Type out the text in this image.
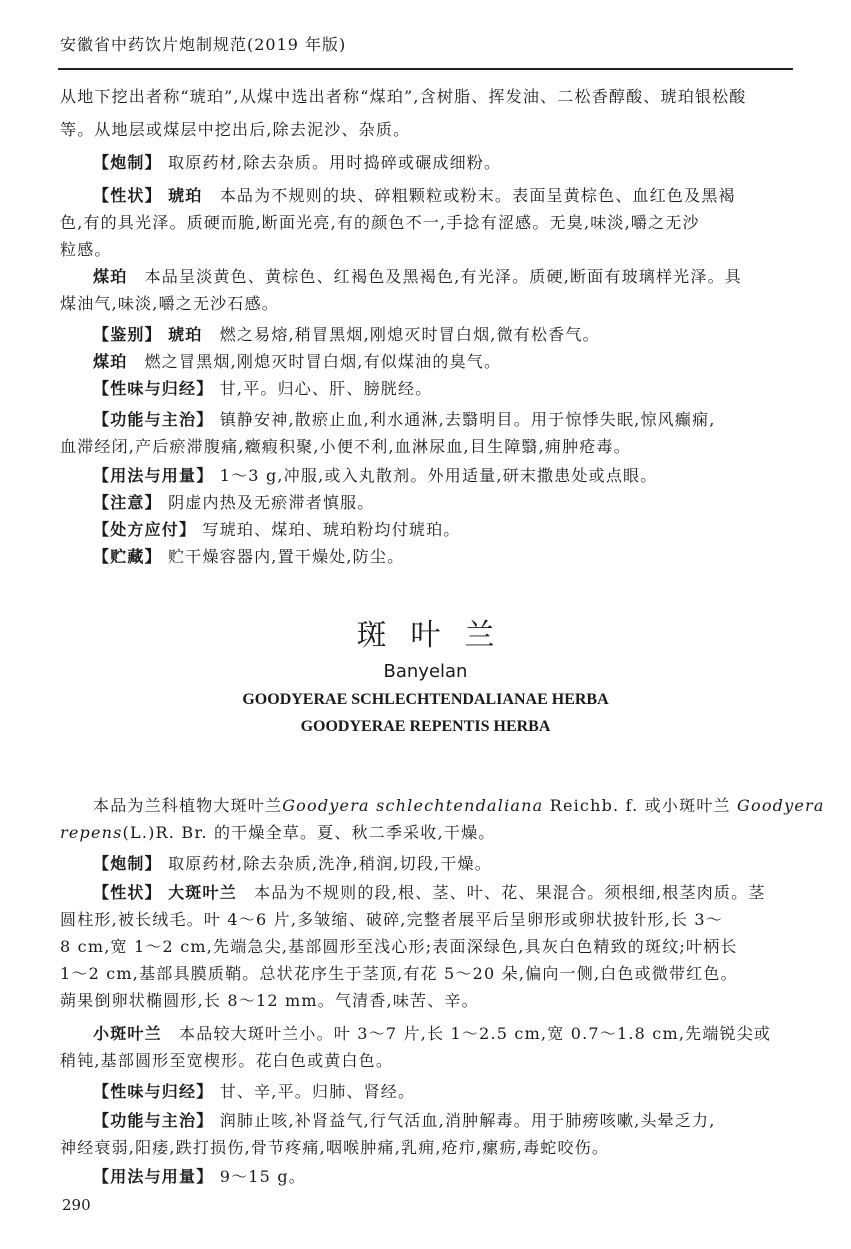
安徽省中药饮片炮制规范(2019 年版)
从地下挖出者称“琥珀”,从煤中选出者称“煤珀”,含树脂、挥发油、二松香醇酸、琥珀银松酸
等。从地层或煤层中挖出后,除去泥沙、杂质。
【炮制】 取原药材,除去杂质。用时捣碎或碾成细粉。
【性状】 琥珀　 本品为不规则的块、碎粗颗粒或粉末。表面呈黄棕色、血红色及黑褐
色,有的具光泽。质硬而脆,断面光亮,有的颜色不一,手捻有涩感。无臭,味淡,嚼之无沙
粒感。
煤珀　 本品呈淡黄色、黄棕色、红褐色及黑褐色,有光泽。质硬,断面有玻璃样光泽。具
煤油气,味淡,嚼之无沙石感。
【鉴别】 琥珀　 燃之易熔,稍冒黑烟,刚熄灭时冒白烟,微有松香气。
煤珀　 燃之冒黑烟,刚熄灭时冒白烟,有似煤油的臭气。
【性味与归经】 甘,平。归心、肝、膀胱经。
【功能与主治】 镇静安神,散瘀止血,利水通淋,去翳明目。用于惊悸失眠,惊风癫痫,
血滞经闭,产后瘀滞腹痛,癥瘕积聚,小便不利,血淋尿血,目生障翳,痈肿疮毒。
【用法与用量】 1～3 g,冲服,或入丸散剂。外用适量,研末撒患处或点眼。
【注意】 阴虚内热及无瘀滞者慎服。
【处方应付】 写琥珀、煤珀、琥珀粉均付琥珀。
【贮藏】 贮干燥容器内,置干燥处,防尘。
斑叶兰
Banyelan
GOODYERAE SCHLECHTENDALIANAE HERBA
GOODYERAE REPENTIS HERBA
本品为兰科植物大斑叶兰Goodyera schlechtendaliana Reichb. f. 或小斑叶兰 Goodyera
repens(L.)R. Br. 的干燥全草。夏、秋二季采收,干燥。
【炮制】 取原药材,除去杂质,洗净,稍润,切段,干燥。
【性状】 大斑叶兰　 本品为不规则的段,根、茎、叶、花、果混合。须根细,根茎肉质。茎
圆柱形,被长绒毛。叶 4～6 片,多皱缩、破碎,完整者展平后呈卵形或卵状披针形,长 3～
8 cm,宽 1～2 cm,先端急尖,基部圆形至浅心形;表面深绿色,具灰白色精致的斑纹;叶柄长
1～2 cm,基部具膜质鞘。总状花序生于茎顶,有花 5～20 朵,偏向一侧,白色或微带红色。
蒴果倒卵状椭圆形,长 8～12 mm。气清香,味苦、辛。
小斑叶兰　 本品较大斑叶兰小。叶 3～7 片,长 1～2.5 cm,宽 0.7～1.8 cm,先端锐尖或
稍钝,基部圆形至宽楔形。花白色或黄白色。
【性味与归经】 甘、辛,平。归肺、肾经。
【功能与主治】 润肺止咳,补肾益气,行气活血,消肿解毒。用于肺痨咳嗽,头晕乏力,
神经衰弱,阳痿,跌打损伤,骨节疼痛,咽喉肿痛,乳痈,疮疖,瘰疬,毒蛇咬伤。
【用法与用量】 9～15 g。
290
